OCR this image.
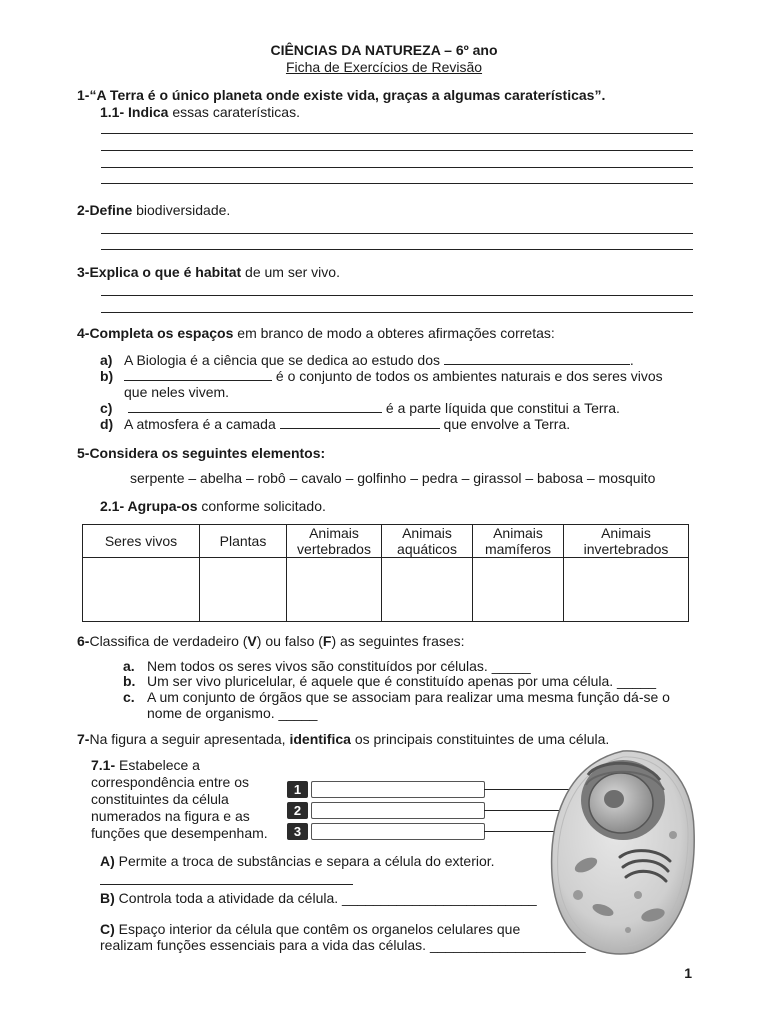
CIÊNCIAS DA NATUREZA – 6º ano
Ficha de Exercícios de Revisão
1-“A Terra é o único planeta onde existe vida, graças a algumas caraterísticas”.
1.1- Indica essas caraterísticas.
2-Define biodiversidade.
3-Explica o que é habitat de um ser vivo.
4-Completa os espaços em branco de modo a obteres afirmações corretas:
a) A Biologia é a ciência que se dedica ao estudo dos	.
b)	é o conjunto de todos os ambientes naturais e dos seres vivos
que neles vivem.
c)	é a parte líquida que constitui a Terra.
d) A atmosfera é a camada	que envolve a Terra.
5-Considera os seguintes elementos:
serpente – abelha – robô – cavalo – golfinho – pedra – girassol – babosa – mosquito
2.1- Agrupa-os conforme solicitado.
Seres vivos	Plantas	Animais vertebrados	Animais aquáticos	Animais mamíferos	Animais invertebrados

6-Classifica de verdadeiro (V) ou falso (F) as seguintes frases:
a. Nem todos os seres vivos são constituídos por células. _____
b. Um ser vivo pluricelular, é aquele que é constituído apenas por uma célula. _____
c. A um conjunto de órgãos que se associam para realizar uma mesma função dá-se o
nome de organismo. _____
7-Na figura a seguir apresentada, identifica os principais constituintes de uma célula.
7.1- Estabelece a
correspondência entre os
constituintes da célula
numerados na figura e as
funções que desempenham.
1
2
3
A) Permite a troca de substâncias e separa a célula do exterior.
B) Controla toda a atividade da célula. _________________________
C) Espaço interior da célula que contêm os organelos celulares que
realizam funções essenciais para a vida das células. ____________________
1
